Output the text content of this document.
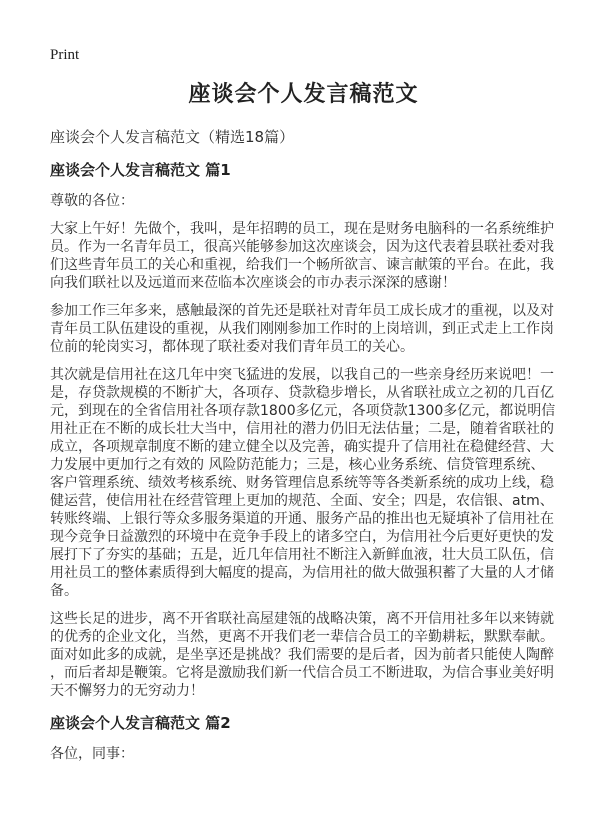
Print
座谈会个人发言稿范文
座谈会个人发言稿范文（精选18篇）
座谈会个人发言稿范文 篇1
尊敬的各位：

大家上午好！先做个，我叫，是年招聘的员工，现在是财务电脑科的一名系统维护员。作为一名青年员工，很高兴能够参加这次座谈会，因为这代表着县联社委对我们这些青年员工的关心和重视，给我们一个畅所欲言、谏言献策的平台。在此，我向我们联社以及远道而来莅临本次座谈会的市办表示深深的感谢！

参加工作三年多来，感触最深的首先还是联社对青年员工成长成才的重视，以及对青年员工队伍建设的重视，从我们刚刚参加工作时的上岗培训，到正式走上工作岗位前的轮岗实习，都体现了联社委对我们青年员工的关心。

其次就是信用社在这几年中突飞猛进的发展，以我自己的一些亲身经历来说吧！一是，存贷款规模的不断扩大，各项存、贷款稳步增长，从省联社成立之初的几百亿元，到现在的全省信用社各项存款1800多亿元，各项贷款1300多亿元，都说明信用社正在不断的成长壮大当中，信用社的潜力仍旧无法估量；二是，随着省联社的成立，各项规章制度不断的建立健全以及完善，确实提升了信用社在稳健经营、大力发展中更加行之有效的 风险防范能力；三是，核心业务系统、信贷管理系统、客户管理系统、绩效考核系统、财务管理信息系统等等各类新系统的成功上线，稳健运营，使信用社在经营管理上更加的规范、全面、安全；四是，农信银、atm、转账终端、上银行等众多服务渠道的开通、服务产品的推出也无疑填补了信用社在现今竞争日益激烈的环境中在竞争手段上的诸多空白，为信用社今后更好更快的发展打下了夯实的基础；五是，近几年信用社不断注入新鲜血液，壮大员工队伍，信用社员工的整体素质得到大幅度的提高，为信用社的做大做强积蓄了大量的人才储备。

这些长足的进步，离不开省联社高屋建瓴的战略决策，离不开信用社多年以来铸就的优秀的企业文化，当然，更离不开我们老一辈信合员工的辛勤耕耘，默默奉献。面对如此多的成就，是坐享还是挑战？我们需要的是后者，因为前者只能使人陶醉，而后者却是鞭策。它将是激励我们新一代信合员工不断进取，为信合事业美好明天不懈努力的无穷动力！

座谈会个人发言稿范文 篇2
各位，同事：
